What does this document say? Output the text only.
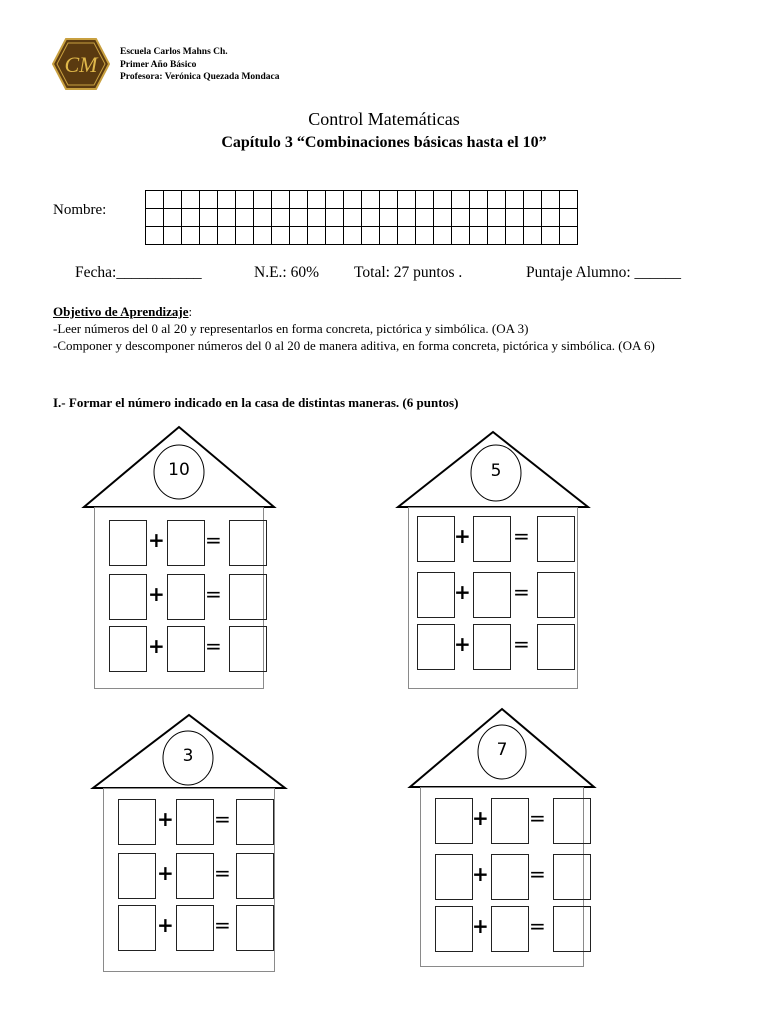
CM Escuela Carlos Mahns Ch.
Primer Año Básico
Profesora: Verónica Quezada Mondaca
Control Matemáticas
Capítulo 3 “Combinaciones básicas hasta el 10”
Nombre:

Fecha:___________	N.E.: 60% Total: 27 puntos .	Puntaje Alumno: ______
Objetivo de Aprendizaje:
-Leer números del 0 al 20 y representarlos en forma concreta, pictórica y simbólica. (OA 3)
-Componer y descomponer números del 0 al 20 de manera aditiva, en forma concreta, pictórica y simbólica. (OA 6)
I.- Formar el número indicado en la casa de distintas maneras. (6 puntos)
10
+ =
+ =
+ =
5
+ =
+ =
+ =
3
+ =
+ =
+ =
7
+ =
+ =
+ =
